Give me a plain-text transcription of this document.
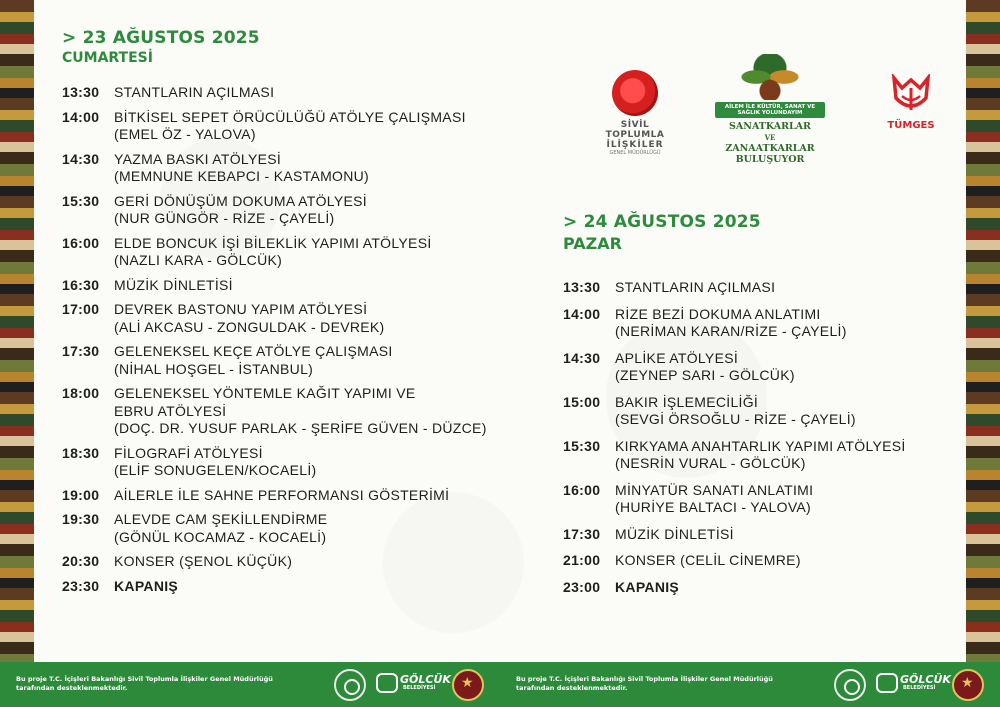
> 23 AĞUSTOS 2025
CUMARTESİ
13:30	STANTLARIN AÇILMASI
14:00	BİTKİSEL SEPET ÖRÜCÜLÜĞÜ ATÖLYE ÇALIŞMASI
(EMEL ÖZ - YALOVA)
14:30	YAZMA BASKI ATÖLYESİ
(MEMNUNE KEBAPCI - KASTAMONU)
15:30	GERİ DÖNÜŞÜM DOKUMA ATÖLYESİ
(NUR GÜNGÖR - RİZE - ÇAYELİ)
16:00	ELDE BONCUK İŞİ BİLEKLİK YAPIMI ATÖLYESİ
(NAZLI KARA - GÖLCÜK)
16:30	MÜZİK DİNLETİSİ
17:00	DEVREK BASTONU YAPIM ATÖLYESİ
(ALİ AKCASU - ZONGULDAK - DEVREK)
17:30	GELENEKSEL KEÇE ATÖLYE ÇALIŞMASI
(NİHAL HOŞGEL - İSTANBUL)
18:00	GELENEKSEL YÖNTEMLE KAĞIT YAPIMI VE
EBRU ATÖLYESİ
(DOÇ. DR. YUSUF PARLAK - ŞERİFE GÜVEN - DÜZCE)
18:30	FİLOGRAFİ ATÖLYESİ
(ELİF SONUGELEN/KOCAELİ)
19:00	AİLERLE İLE SAHNE PERFORMANSI GÖSTERİMİ
19:30	ALEVDE CAM ŞEKİLLENDİRME
(GÖNÜL KOCAMAZ - KOCAELİ)
20:30	KONSER (ŞENOL KÜÇÜK)
23:30	KAPANIŞ
SİVİL TOPLUMLA
İLİŞKİLER
GENEL MÜDÜRLÜĞÜ
AİLEM İLE KÜLTÜR, SANAT VE SAĞLIK YOLUNDAYIM
SANATKARLAR
VE
ZANAATKARLAR
BULUŞUYOR
TÜMGES
> 24 AĞUSTOS 2025
PAZAR
13:30	STANTLARIN AÇILMASI
14:00	RİZE BEZİ DOKUMA ANLATIMI
(NERİMAN KARAN/RİZE - ÇAYELİ)
14:30	APLİKE ATÖLYESİ
(ZEYNEP SARI - GÖLCÜK)
15:00	BAKIR İŞLEMECİLİĞİ
(SEVGİ ÖRSOĞLU - RİZE - ÇAYELİ)
15:30	KIRKYAMA ANAHTARLIK YAPIMI ATÖLYESİ
(NESRİN VURAL - GÖLCÜK)
16:00	MİNYATÜR SANATI ANLATIMI
(HURİYE BALTACI - YALOVA)
17:30	MÜZİK DİNLETİSİ
21:00	KONSER (CELİL CİNEMRE)
23:00	KAPANIŞ
Bu proje T.C. İçişleri Bakanlığı Sivil Toplumla İlişkiler Genel Müdürlüğü
tarafından desteklenmektedir.
GÖLCÜK
BELEDİYESİ
★
Bu proje T.C. İçişleri Bakanlığı Sivil Toplumla İlişkiler Genel Müdürlüğü
tarafından desteklenmektedir.
GÖLCÜK
BELEDİYESİ
★
